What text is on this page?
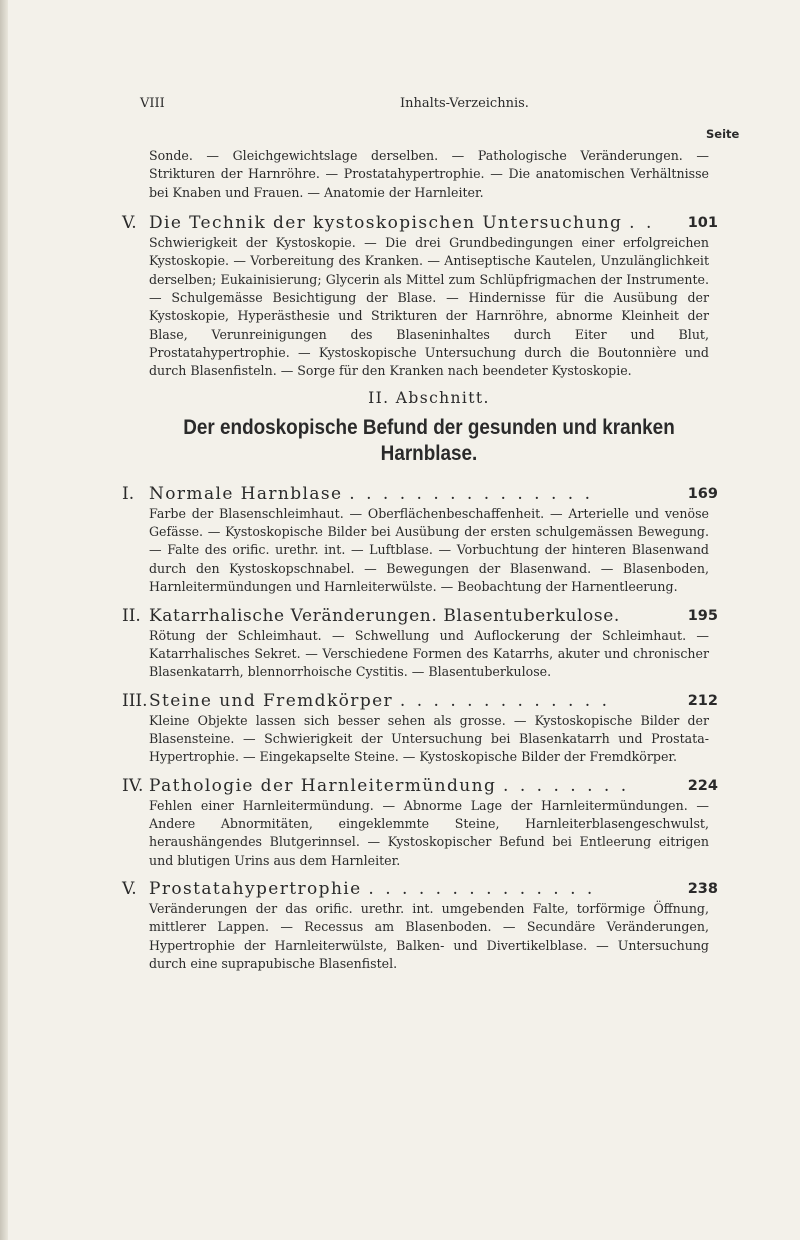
VIII	Inhalts-Verzeichnis.
Seite
Sonde. — Gleichgewichtslage derselben. — Pathologische Veränderungen. — Strikturen der Harnröhre. — Prostatahypertrophie. — Die anatomischen Verhältnisse bei Knaben und Frauen. — Anatomie der Harnleiter.
V. Die Technik der kystoskopischen Untersuchung . . 101
Schwierigkeit der Kystoskopie. — Die drei Grundbedingungen einer erfolgreichen Kystoskopie. — Vorbereitung des Kranken. — Antiseptische Kautelen, Unzulänglichkeit derselben; Eukainisierung; Glycerin als Mittel zum Schlüpfrigmachen der Instrumente. — Schulgemässe Besichtigung der Blase. — Hindernisse für die Ausübung der Kystoskopie, Hyperästhesie und Strikturen der Harnröhre, abnorme Kleinheit der Blase, Verunreinigungen des Blaseninhaltes durch Eiter und Blut, Prostatahypertrophie. — Kystoskopische Untersuchung durch die Boutonnière und durch Blasenfisteln. — Sorge für den Kranken nach beendeter Kystoskopie.
II. Abschnitt.
Der endoskopische Befund der gesunden und kranken
Harnblase.
I. Normale Harnblase . . . . . . . . . . . . . . .	169
Farbe der Blasenschleimhaut. — Oberflächenbeschaffenheit. — Arterielle und venöse Gefässe. — Kystoskopische Bilder bei Ausübung der ersten schulgemässen Bewegung. — Falte des orific. urethr. int. — Luftblase. — Vorbuchtung der hinteren Blasenwand durch den Kystoskopschnabel. — Bewegungen der Blasenwand. — Blasenboden, Harnleitermündungen und Harnleiterwülste. — Beobachtung der Harnentleerung.
II. Katarrhalische Veränderungen. Blasentuberkulose.	195
Rötung der Schleimhaut. — Schwellung und Auflockerung der Schleimhaut. — Katarrhalisches Sekret. — Verschiedene Formen des Katarrhs, akuter und chronischer Blasenkatarrh, blennorrhoische Cystitis. — Blasentuberkulose.
III.Steine und Fremdkörper . . . . . . . . . . . . .	212
Kleine Objekte lassen sich besser sehen als grosse. — Kystoskopische Bilder der Blasensteine. — Schwierigkeit der Untersuchung bei Blasenkatarrh und Prostata-Hypertrophie. — Eingekapselte Steine. — Kystoskopische Bilder der Fremdkörper.
IV. Pathologie der Harnleitermündung . . . . . . . .	224
Fehlen einer Harnleitermündung. — Abnorme Lage der Harnleitermündungen. — Andere Abnormitäten, eingeklemmte Steine, Harnleiterblasengeschwulst, heraushängendes Blutgerinnsel. — Kystoskopischer Befund bei Entleerung eitrigen und blutigen Urins aus dem Harnleiter.
V. Prostatahypertrophie . . . . . . . . . . . . . .	238
Veränderungen der das orific. urethr. int. umgebenden Falte, torförmige Öffnung, mittlerer Lappen. — Recessus am Blasenboden. — Secundäre Veränderungen, Hypertrophie der Harnleiterwülste, Balken- und Divertikelblase. — Untersuchung durch eine suprapubische Blasenfistel.
